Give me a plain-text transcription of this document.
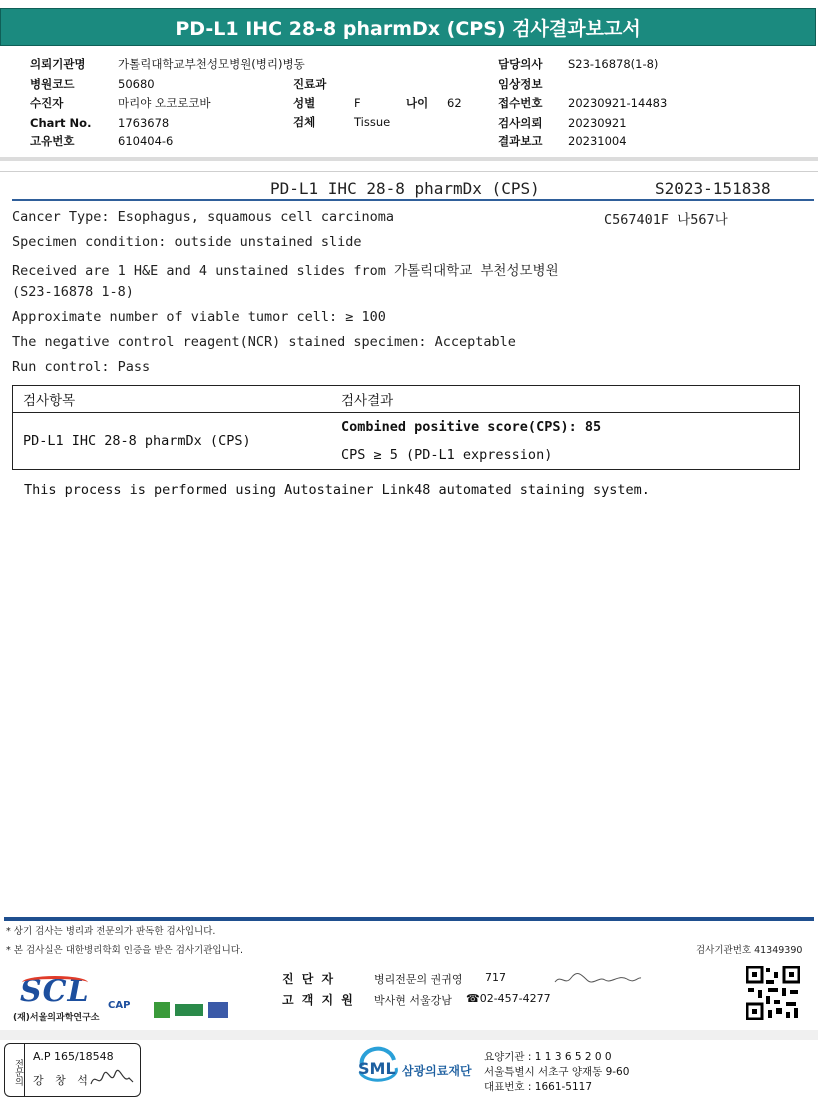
PD-L1 IHC 28-8 pharmDx (CPS) 검사결과보고서
의뢰기관명	가톨릭대학교부천성모병원(병리)병동
병원코드	50680	진료과
수진자	마리야 오코로코바	성별	F	나이 62
Chart No. 1763678	검체	Tissue
고유번호	610404-6
담당의사 S23-16878(1-8)
임상정보
접수번호 20230921-14483
검사의뢰 20230921
결과보고 20231004
PD-L1 IHC 28-8 pharmDx (CPS)	S2023-151838
C567401F 나567나
Cancer Type: Esophagus, squamous cell carcinoma
Specimen condition: outside unstained slide
Received are 1 H&E and 4 unstained slides from 가톨릭대학교 부천성모병원
(S23-16878 1-8)
Approximate number of viable tumor cell: ≥ 100
The negative control reagent(NCR) stained specimen: Acceptable
Run control: Pass
검사항목	검사결과
PD-L1 IHC 28-8 pharmDx (CPS)	Combined positive score(CPS): 85
CPS ≥ 5 (PD-L1 expression)
This process is performed using Autostainer Link48 automated staining system.
* 상기 검사는 병리과 전문의가 판독한 검사입니다.
* 본 검사실은 대한병리학회 인증을 받은 검사기관입니다.	검사기관번호 41349390
SCL
(재)서울의과학연구소
CAP
진 단 자	병리전문의 권귀영 717
고 객 지 원 박사현 서울강남 ☎02-457-4277
전문의
A.P 165/18548
강 창 석
SML 삼광의료재단
요양기관 : 1 1 3 6 5 2 0 0
서울특별시 서초구 양재동 9-60
대표번호 : 1661-5117
